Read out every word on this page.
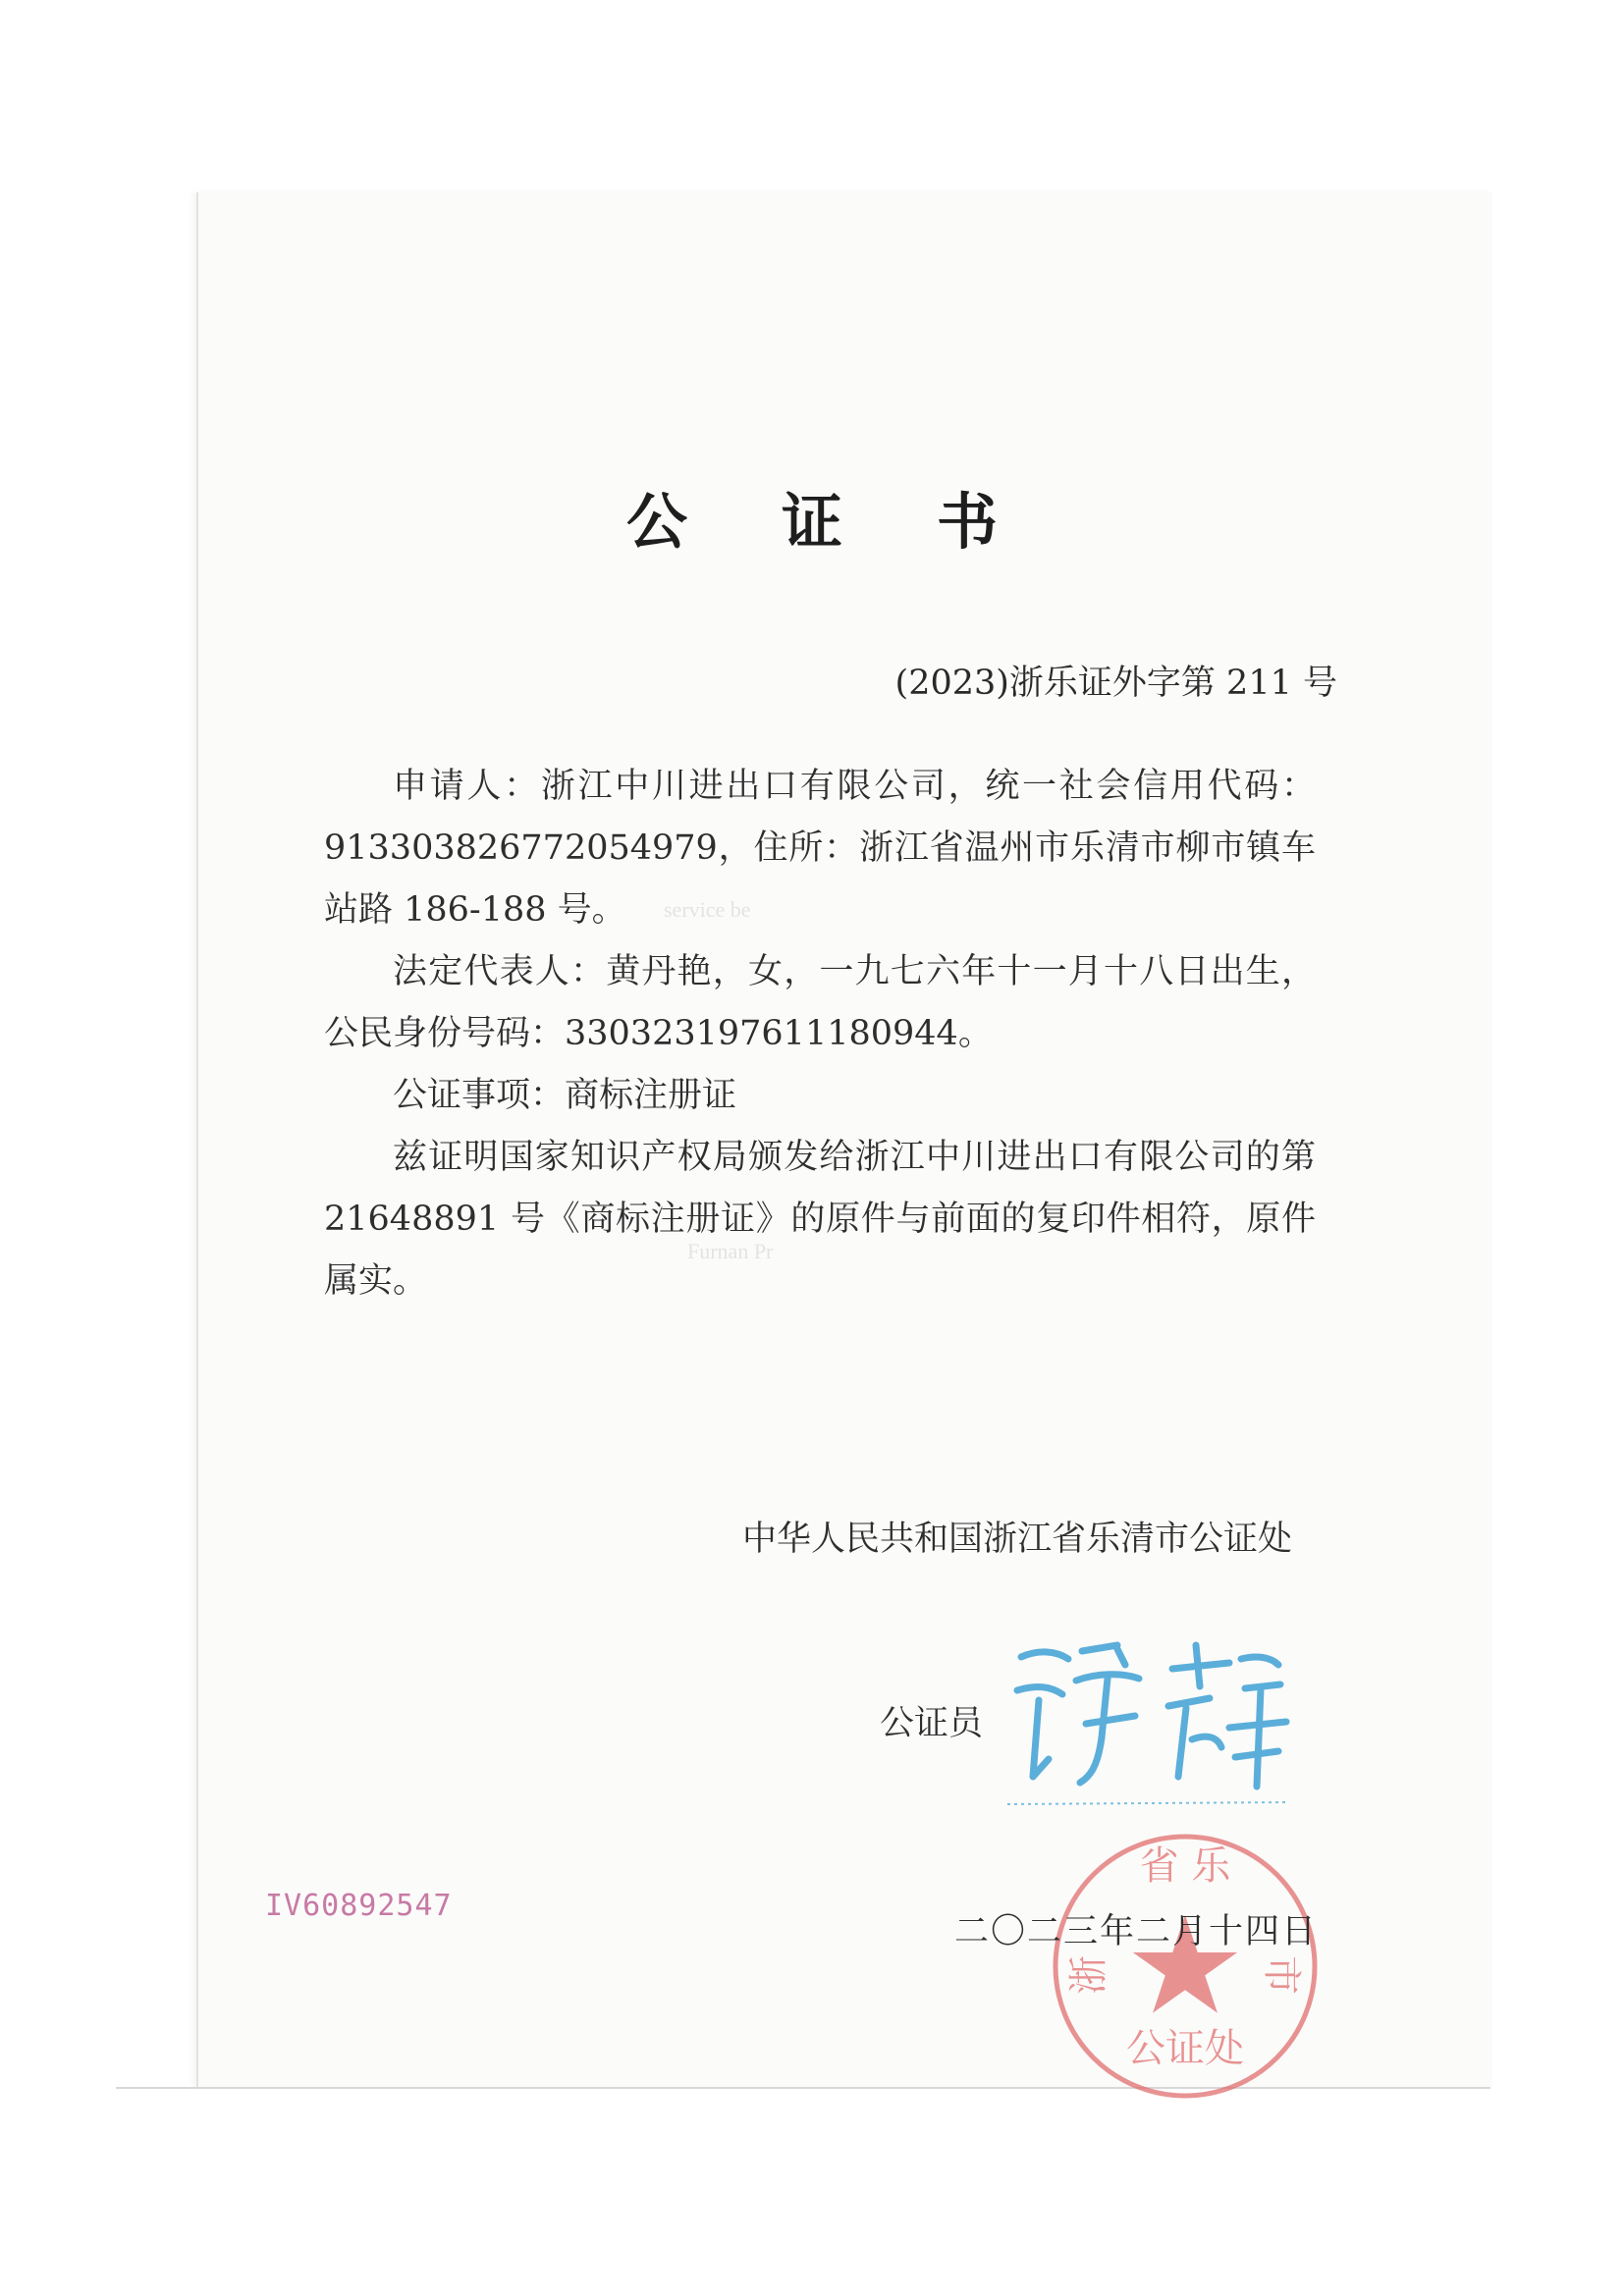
service be
Furnan Pr
公 证 书
(2023)浙乐证外字第 211 号

申请人：浙江中川进出口有限公司，统一社会信用代码：913303826772054979，住所：浙江省温州市乐清市柳市镇车站路 186-188 号。

法定代表人：黄丹艳，女，一九七六年十一月十八日出生，公民身份号码：330323197611180944。

公证事项：商标注册证

兹证明国家知识产权局颁发给浙江中川进出口有限公司的第 21648891 号《商标注册证》的原件与前面的复印件相符，原件属实。

中华人民共和国浙江省乐清市公证处
公证员
IV60892547
省 乐
浙	市
公证处
二〇二三年二月十四日
